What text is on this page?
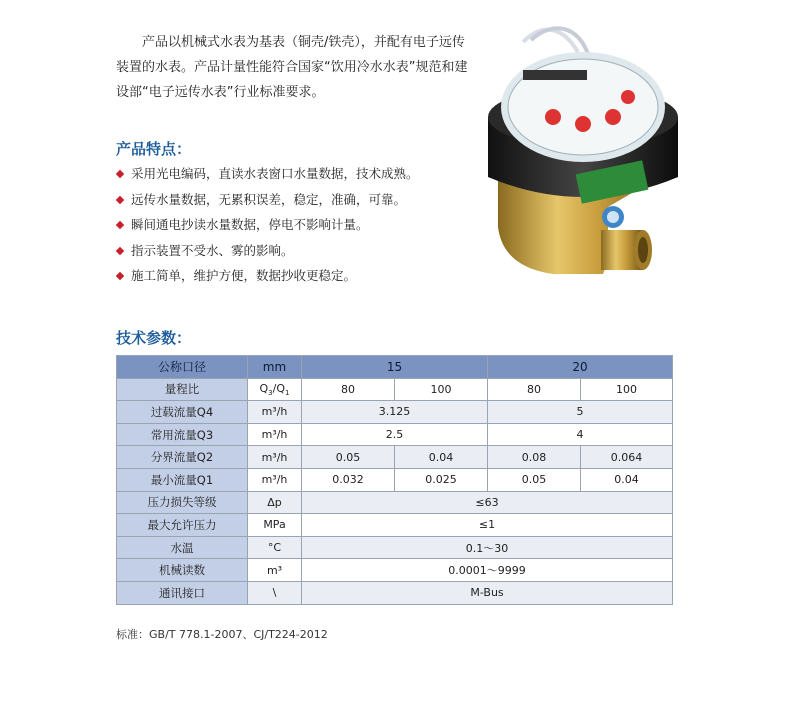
产品以机械式水表为基表（铜壳/铁壳），并配有电子远传装置的水表。产品计量性能符合国家“饮用冷水水表”规范和建设部“电子远传水表”行业标准要求。

产品特点：

采用光电编码，直读水表窗口水量数据，技术成熟。
远传水量数据，无累积误差，稳定，准确，可靠。
瞬间通电抄读水量数据，停电不影响计量。
指示装置不受水、雾的影响。
施工简单，维护方便，数据抄收更稳定。

技术参数：

公称口径	mm	15		20	
量程比	$Q_3/Q_1$	80	100	80	100
过载流量Q4	m³/h	3.125		5	
常用流量Q3	m³/h	2.5		4	
分界流量Q2	m³/h	0.05	0.04	0.08	0.064
最小流量Q1	m³/h	0.032	0.025	0.05	0.04
压力损失等级	Δp	≤63			
最大允许压力	MPa	≤1			
水温	°C	0.1～30			
机械读数	m³	0.0001～9999			
通讯接口	\	M-Bus			

标准：GB/T 778.1-2007、CJ/T224-2012
